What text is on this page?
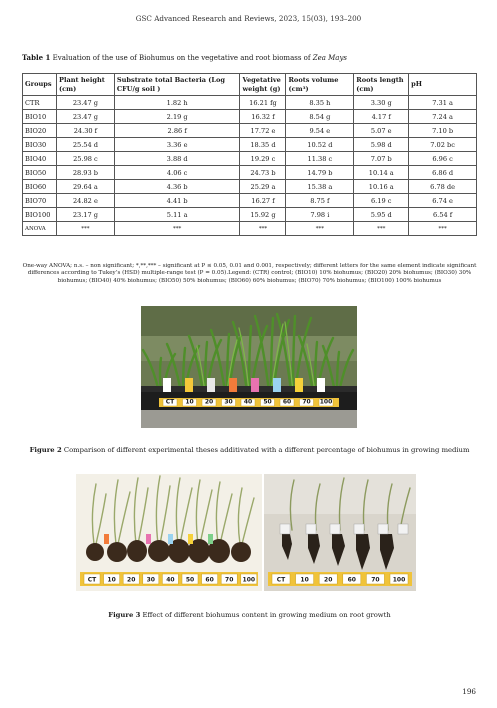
GSC Advanced Research and Reviews, 2023, 15(03), 193–200
Table 1 Evaluation of the use of Biohumus on the vegetative and root biomass of Zea Mays
Groups	Plant height (cm)	Substrate total Bacteria (Log CFU/g soil )	Vegetative weight (g)	Roots volume (cm³)	Roots length (cm)	pH
CTR	23.47 g	1.82 h	16.21 fg	8.35 h	3.30 g	7.31 a
BIO10	23.47 g	2.19 g	16.32 f	8.54 g	4.17 f	7.24 a
BIO20	24.30 f	2.86 f	17.72 e	9.54 e	5.07 e	7.10 b
BIO30	25.54 d	3.36 e	18.35 d	10.52 d	5.98 d	7.02 bc
BIO40	25.98 c	3.88 d	19.29 c	11.38 c	7.07 b	6.96 c
BIO50	28.93 b	4.06 c	24.73 b	14.79 b	10.14 a	6.86 d
BIO60	29.64 a	4.36 b	25.29 a	15.38 a	10.16 a	6.78 de
BIO70	24.82 e	4.41 b	16.27 f	8.75 f	6.19 c	6.74 e
BIO100	23.17 g	5.11 a	15.92 g	7.98 i	5.95 d	6.54 f
ANOVA	***	***	***	***	***	***
One-way ANOVA; n.s. – non significant; *,**,*** – significant at P ≤ 0.05, 0.01 and 0.001, respectively; different letters for the same element indicate significant differences according to Tukey’s (HSD) multiple-range test (P = 0.05).Legend: (CTR) control; (BIO10) 10% biohumus; (BIO20) 20% biohumus; (BIO30) 30% biohumus; (BIO40) 40% biohumus; (BIO50) 50% biohumus; (BIO60) 60% biohumus; (BIO70) 70% biohumus; (BIO100) 100% biohumus
CT 10 20 30 40 50 60 70 100
Figure 2 Comparison of different experimental theses additivated with a different percentage of biohumus in growing medium
CT 10 20 30 40 50 60 70 100	CT	10	20	60	70 100
Figure 3 Effect of different biohumus content in growing medium on root growth
196
